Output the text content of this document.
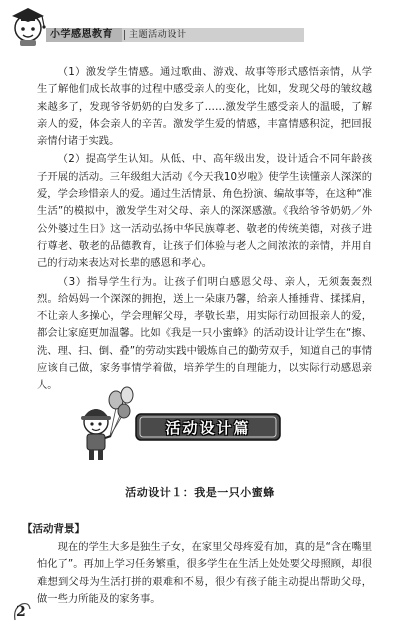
小学感恩教育 主题活动设计

（1）激发学生情感。通过歌曲、游戏、故事等形式感悟亲情，从学生了解他们成长故事的过程中感受亲人的变化，比如，发现父母的皱纹越来越多了，发现爷爷奶奶的白发多了……激发学生感受亲人的温暖，了解亲人的爱，体会亲人的辛苦。激发学生爱的情感，丰富情感积淀，把回报亲情付诸于实践。

（2）提高学生认知。从低、中、高年级出发，设计适合不同年龄孩子开展的活动。三年级组大活动《今天我10岁啦》使学生读懂亲人深深的爱，学会珍惜亲人的爱。通过生活情景、角色扮演、编故事等，在这种“准生活”的模拟中，激发学生对父母、亲人的深深感激。《我给爷爷奶奶／外公外婆过生日》这一活动弘扬中华民族尊老、敬老的传统美德，对孩子进行尊老、敬老的品德教育，让孩子们体验与老人之间浓浓的亲情，并用自己的行动来表达对长辈的感恩和孝心。

（3）指导学生行为。让孩子们明白感恩父母、亲人，无须轰轰烈烈。给妈妈一个深深的拥抱，送上一朵康乃馨，给亲人捶捶背、揉揉肩，不让亲人多操心，学会理解父母，孝敬长辈，用实际行动回报亲人的爱，都会让家庭更加温馨。比如《我是一只小蜜蜂》的活动设计让学生在“擦、洗、理、扫、倒、叠”的劳动实践中锻炼自己的勤劳双手，知道自己的事情应该自己做，家务事情学着做，培养学生的自理能力，以实际行动感恩亲人。

活动设计篇
活动设计１：我是一只小蜜蜂
【活动背景】

现在的学生大多是独生子女，在家里父母疼爱有加，真的是“含在嘴里怕化了”。再加上学习任务繁重，很多学生在生活上处处要父母照顾，却很难想到父母为生活打拼的艰难和不易，很少有孩子能主动提出帮助父母，做一些力所能及的家务事。

2
